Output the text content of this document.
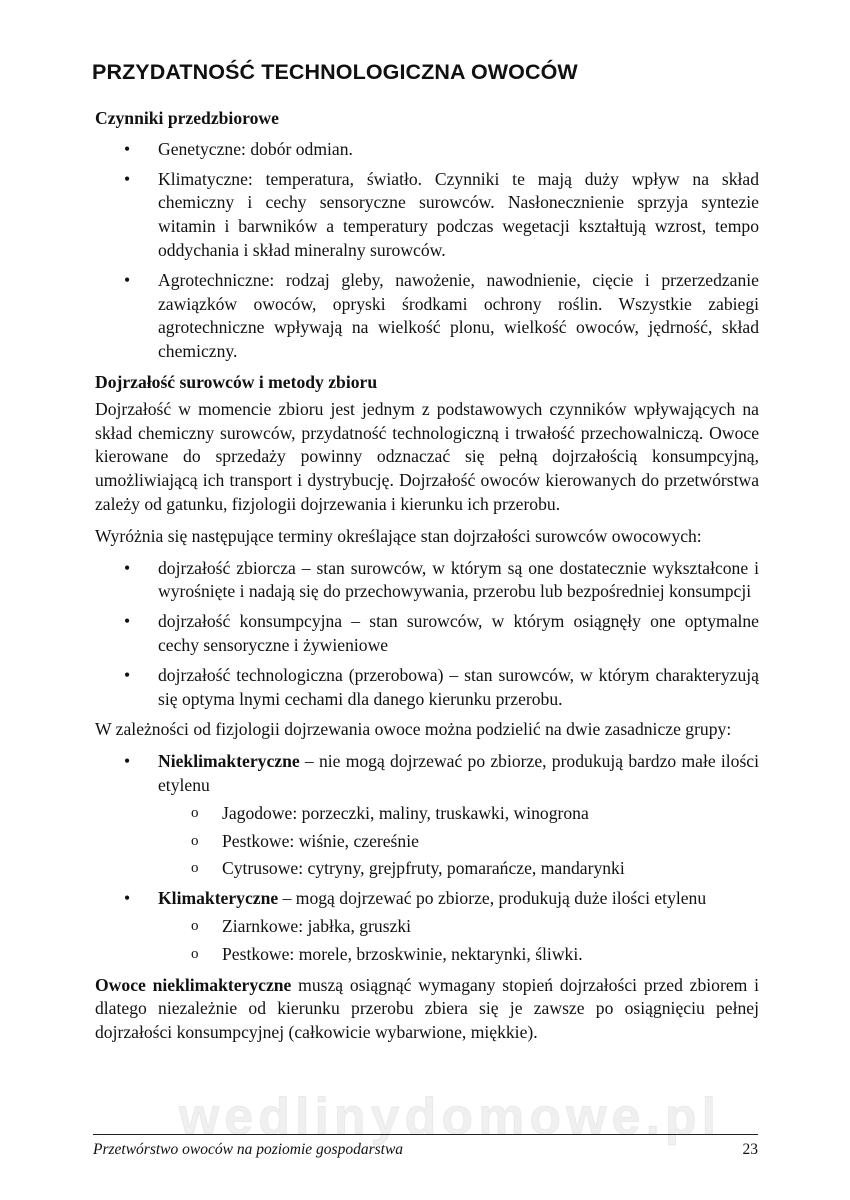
PRZYDATNOŚĆ TECHNOLOGICZNA OWOCÓW
Czynniki przedzbiorowe
• Genetyczne: dobór odmian.
• Klimatyczne: temperatura, światło. Czynniki te mają duży wpływ na skład chemiczny i cechy sensoryczne surowców. Nasłonecznienie sprzyja syntezie witamin i barwników a temperatury podczas wegetacji kształtują wzrost, tempo oddychania i skład mineralny surowców.
• Agrotechniczne: rodzaj gleby, nawożenie, nawodnienie, cięcie i przerzedzanie zawiązków owoców, opryski środkami ochrony roślin. Wszystkie zabiegi agrotechniczne wpływają na wielkość plonu, wielkość owoców, jędrność, skład chemiczny.
Dojrzałość surowców i metody zbioru

Dojrzałość w momencie zbioru jest jednym z podstawowych czynników wpływających na skład chemiczny surowców, przydatność technologiczną i trwałość przechowalniczą. Owoce kierowane do sprzedaży powinny odznaczać się pełną dojrzałością konsumpcyjną, umożliwiającą ich transport i dystrybucję. Dojrzałość owoców kierowanych do przetwórstwa zależy od gatunku, fizjologii dojrzewania i kierunku ich przerobu.

Wyróżnia się następujące terminy określające stan dojrzałości surowców owocowych:

• dojrzałość zbiorcza – stan surowców, w którym są one dostatecznie wykształcone i wyrośnięte i nadają się do przechowywania, przerobu lub bezpośredniej konsumpcji
• dojrzałość konsumpcyjna – stan surowców, w którym osiągnęły one optymalne cechy sensoryczne i żywieniowe
• dojrzałość technologiczna (przerobowa) – stan surowców, w którym charakteryzują się optyma lnymi cechami dla danego kierunku przerobu.

W zależności od fizjologii dojrzewania owoce można podzielić na dwie zasadnicze grupy:

• Nieklimakteryczne – nie mogą dojrzewać po zbiorze, produkują bardzo małe ilości etylenu
o Jagodowe: porzeczki, maliny, truskawki, winogrona
o Pestkowe: wiśnie, czereśnie
o Cytrusowe: cytryny, grejpfruty, pomarańcze, mandarynki
• Klimakteryczne – mogą dojrzewać po zbiorze, produkują duże ilości etylenu
o Ziarnkowe: jabłka, gruszki
o Pestkowe: morele, brzoskwinie, nektarynki, śliwki.

Owoce nieklimakteryczne muszą osiągnąć wymagany stopień dojrzałości przed zbiorem i dlatego niezależnie od kierunku przerobu zbiera się je zawsze po osiągnięciu pełnej dojrzałości konsumpcyjnej (całkowicie wybarwione, miękkie).

wedlinydomowe.pl
Przetwórstwo owoców na poziomie gospodarstwa	23
